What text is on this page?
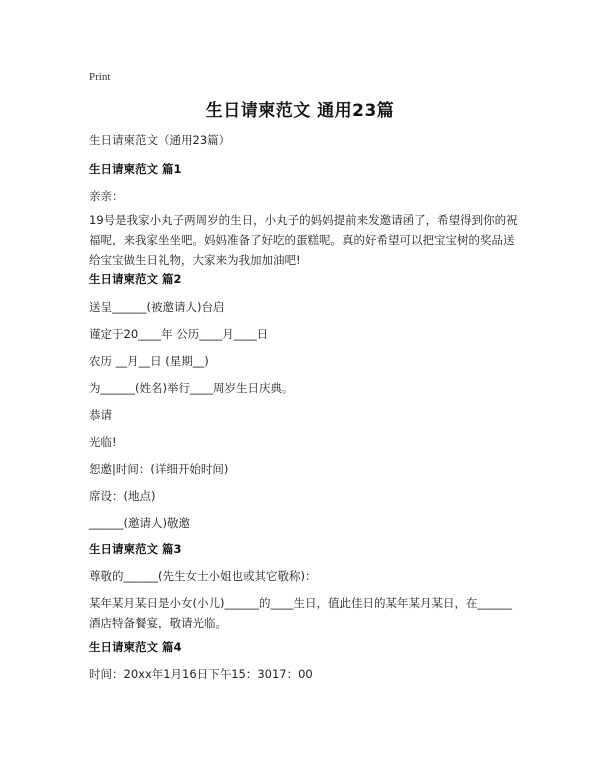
Print
生日请柬范文 通用23篇
生日请柬范文（通用23篇）
生日请柬范文 篇1
亲亲：
19号是我家小丸子两周岁的生日，小丸子的妈妈提前来发邀请函了，希望得到你的祝福呢，来我家坐坐吧。妈妈准备了好吃的蛋糕呢。真的好希望可以把宝宝树的奖品送给宝宝做生日礼物，大家来为我加加油吧!
生日请柬范文 篇2
送呈______(被邀请人)台启
谨定于20____年 公历____月____日
农历 __月__日 (星期__)
为______(姓名)举行____周岁生日庆典。
恭请
光临!
恕邀|时间：(详细开始时间)
席设：(地点)
______(邀请人)敬邀
生日请柬范文 篇3
尊敬的______(先生女士小姐也或其它敬称)：
某年某月某日是小女(小儿)______的____生日，值此佳日的某年某月某日，在______酒店特备餐宴，敬请光临。
生日请柬范文 篇4
时间：20xx年1月16日下午15：3017：00
